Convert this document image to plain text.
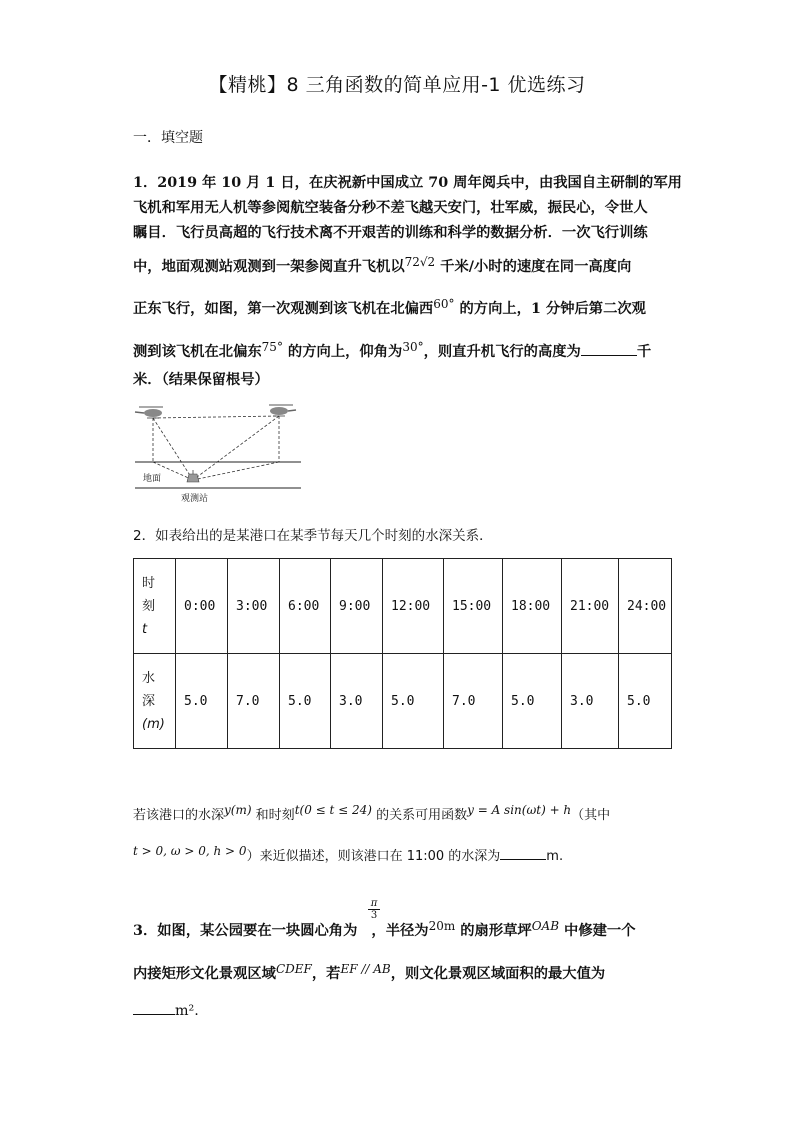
【精桃】8 三角函数的简单应用-1 优选练习
一．填空题
1．2019 年 10 月 1 日，在庆祝新中国成立 70 周年阅兵中，由我国自主研制的军用
飞机和军用无人机等参阅航空装备分秒不差飞越天安门，壮军威，振民心，令世人
瞩目．飞行员高超的飞行技术离不开艰苦的训练和科学的数据分析．一次飞行训练
中，地面观测站观测到一架参阅直升飞机以$^{72√2}$ 千米/小时的速度在同一高度向
正东飞行，如图，第一次观测到该飞机在北偏西$^{60^\circ}$ 的方向上，1 分钟后第二次观
测到该飞机在北偏东$^{75^\circ}$ 的方向上，仰角为$^{30^\circ}$，则直升机飞行的高度为	千
米．（结果保留根号）
地面
观测站
2．如表给出的是某港口在某季节每天几个时刻的水深关系．
时
刻
t	0:00	3:00	6:00	9:00	12:00	15:00	18:00	21:00	24:00

水
深
(m)	5.0	7.0	5.0	3.0	5.0	7.0	5.0	3.0	5.0
若该港口的水深y(m) 和时刻t(0 ≤ t ≤ 24) 的关系可用函数y = A sin(ωt) + h（其中
t > 0, ω > 0, h > 0）来近似描述，则该港口在 11:00 的水深为	m.
$\frac{\pi}{3}$
3．如图，某公园要在一块圆心角为 ，半径为$^{20m}$ 的扇形草坪$^{OAB}$ 中修建一个
内接矩形文化景观区域$^{CDEF}$，若$^{EF // AB}$，则文化景观区域面积的最大值为
m².
